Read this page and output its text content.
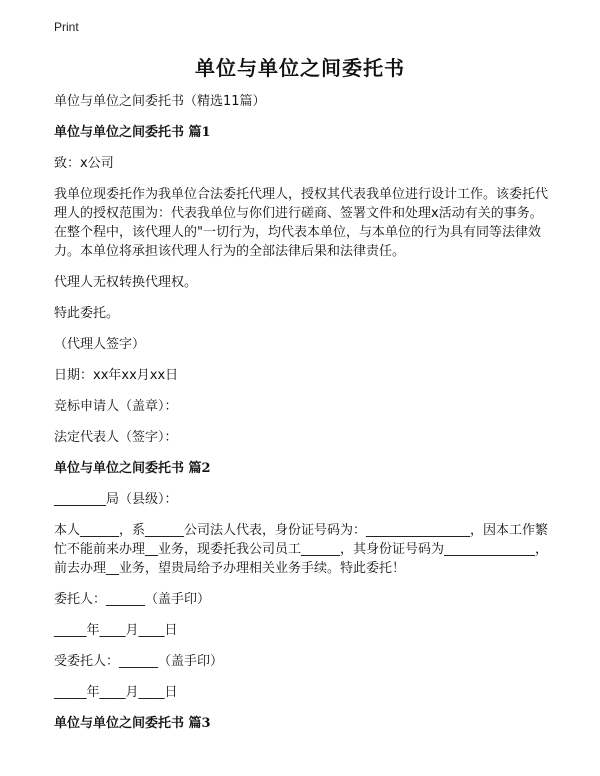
Print
单位与单位之间委托书

单位与单位之间委托书（精选11篇）

单位与单位之间委托书 篇1

致：x公司

我单位现委托作为我单位合法委托代理人，授权其代表我单位进行设计工作。该委托代理人的授权范围为：代表我单位与你们进行磋商、签署文件和处理x活动有关的事务。在整个程中，该代理人的"一切行为，均代表本单位，与本单位的行为具有同等法律效力。本单位将承担该代理人行为的全部法律后果和法律责任。

代理人无权转换代理权。

特此委托。

（代理人签字）

日期：xx年xx月xx日

竞标申请人（盖章）：

法定代表人（签字）：

单位与单位之间委托书 篇2

________局（县级）：

本人______，系______公司法人代表，身份证号码为：________________，因本工作繁忙不能前来办理__业务，现委托我公司员工______，其身份证号码为______________，前去办理__业务，望贵局给予办理相关业务手续。特此委托！

委托人：______（盖手印）

_____年____月____日

受委托人：______（盖手印）

_____年____月____日

单位与单位之间委托书 篇3
